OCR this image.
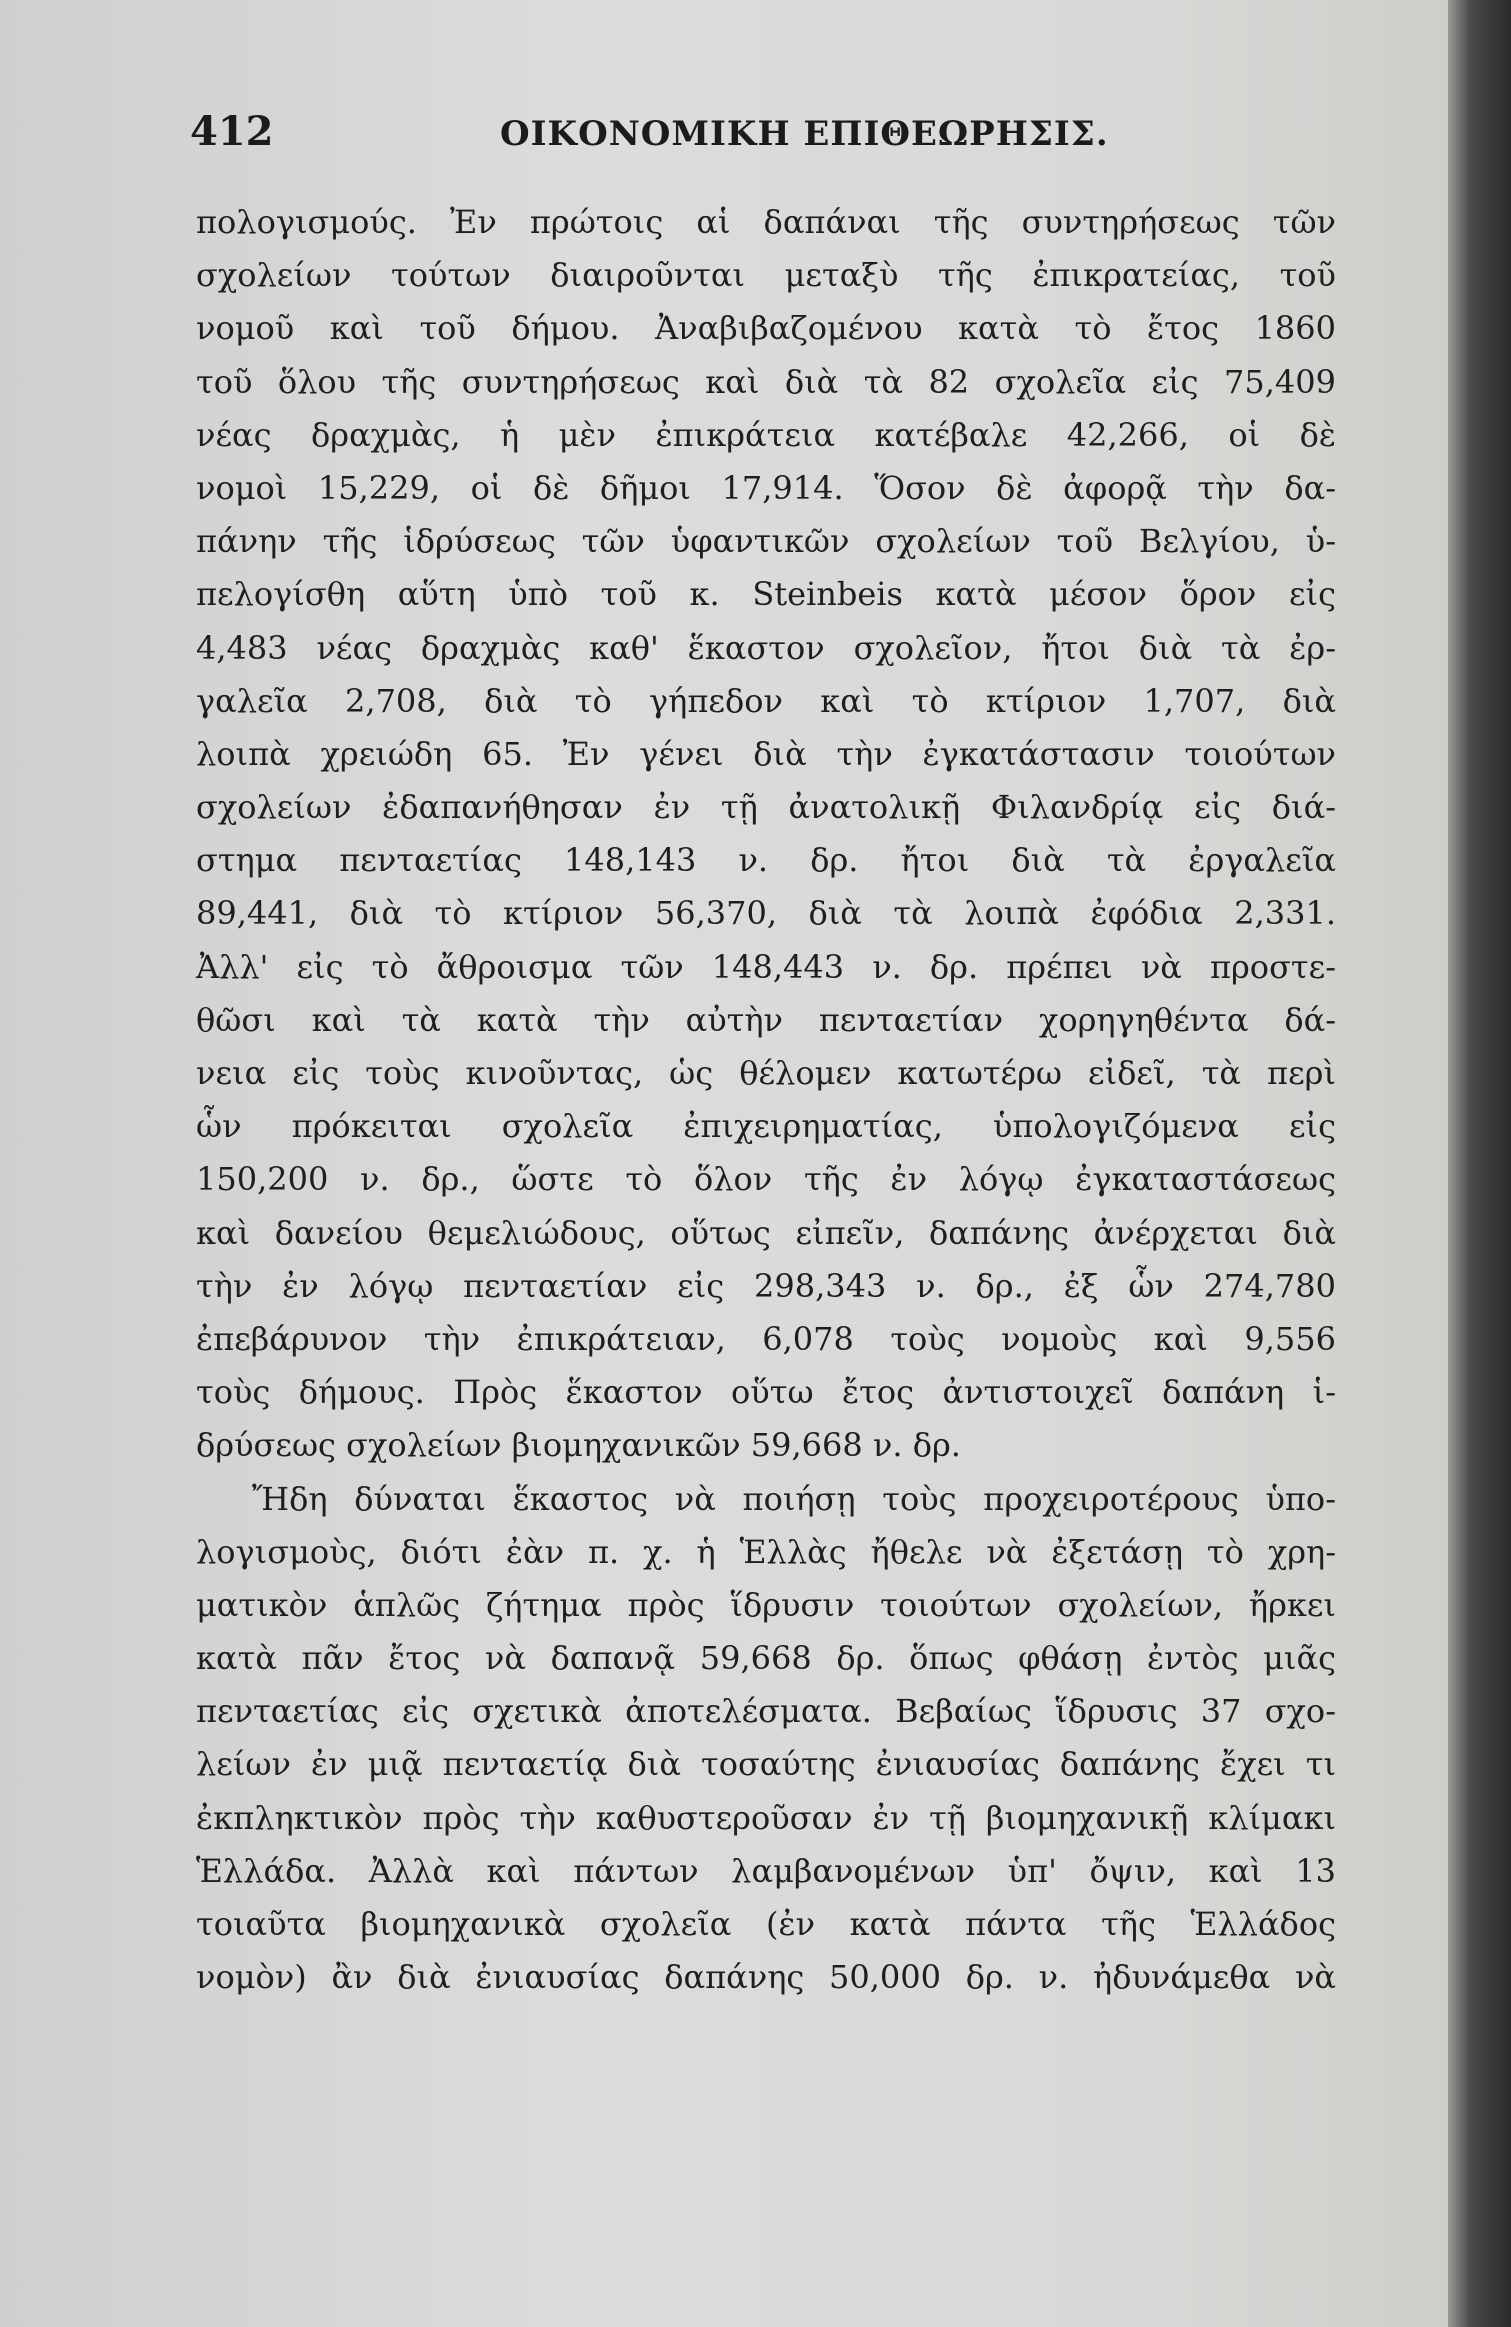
412	ΟΙΚΟΝΟΜΙΚΗ ΕΠΙΘΕΩΡΗΣΙΣ.
πολογισμούς. Ἐν πρώτοις αἱ δαπάναι τῆς συντηρήσεως τῶν
σχολείων τούτων διαιροῦνται μεταξὺ τῆς ἐπικρατείας, τοῦ
νομοῦ καὶ τοῦ δήμου. Ἀναβιβαζομένου κατὰ τὸ ἔτος 1860
τοῦ ὅλου τῆς συντηρήσεως καὶ διὰ τὰ 82 σχολεῖα εἰς 75,409
νέας δραχμὰς, ἡ μὲν ἐπικράτεια κατέβαλε 42,266, οἱ δὲ
νομοὶ 15,229, οἱ δὲ δῆμοι 17,914. Ὅσον δὲ ἀφορᾷ τὴν δα-
πάνην τῆς ἱδρύσεως τῶν ὑφαντικῶν σχολείων τοῦ Βελγίου, ὑ-
πελογίσθη αὕτη ὑπὸ τοῦ κ. Steinbeis κατὰ μέσον ὅρον εἰς
4,483 νέας δραχμὰς καθ' ἕκαστον σχολεῖον, ἤτοι διὰ τὰ ἐρ-
γαλεῖα 2,708, διὰ τὸ γήπεδον καὶ τὸ κτίριον 1,707, διὰ
λοιπὰ χρειώδη 65. Ἐν γένει διὰ τὴν ἐγκατάστασιν τοιούτων
σχολείων ἐδαπανήθησαν ἐν τῇ ἀνατολικῇ Φιλανδρίᾳ εἰς διά-
στημα πενταετίας 148,143 ν. δρ. ἤτοι διὰ τὰ ἐργαλεῖα
89,441, διὰ τὸ κτίριον 56,370, διὰ τὰ λοιπὰ ἐφόδια 2,331.
Ἀλλ' εἰς τὸ ἄθροισμα τῶν 148,443 ν. δρ. πρέπει νὰ προστε-
θῶσι καὶ τὰ κατὰ τὴν αὐτὴν πενταετίαν χορηγηθέντα δά-
νεια εἰς τοὺς κινοῦντας, ὡς θέλομεν κατωτέρω εἰδεῖ, τὰ περὶ
ὧν πρόκειται σχολεῖα ἐπιχειρηματίας, ὑπολογιζόμενα εἰς
150,200 ν. δρ., ὥστε τὸ ὅλον τῆς ἐν λόγῳ ἐγκαταστάσεως
καὶ δανείου θεμελιώδους, οὕτως εἰπεῖν, δαπάνης ἀνέρχεται διὰ
τὴν ἐν λόγῳ πενταετίαν εἰς 298,343 ν. δρ., ἐξ ὧν 274,780
ἐπεβάρυνον τὴν ἐπικράτειαν, 6,078 τοὺς νομοὺς καὶ 9,556
τοὺς δήμους. Πρὸς ἕκαστον οὕτω ἔτος ἀντιστοιχεῖ δαπάνη ἱ-
δρύσεως σχολείων βιομηχανικῶν 59,668 ν. δρ.
Ἤδη δύναται ἕκαστος νὰ ποιήσῃ τοὺς προχειροτέρους ὑπο-
λογισμοὺς, διότι ἐὰν π. χ. ἡ Ἑλλὰς ἤθελε νὰ ἐξετάσῃ τὸ χρη-
ματικὸν ἁπλῶς ζήτημα πρὸς ἵδρυσιν τοιούτων σχολείων, ἤρκει
κατὰ πᾶν ἔτος νὰ δαπανᾷ 59,668 δρ. ὅπως φθάσῃ ἐντὸς μιᾶς
πενταετίας εἰς σχετικὰ ἀποτελέσματα. Βεβαίως ἵδρυσις 37 σχο-
λείων ἐν μιᾷ πενταετίᾳ διὰ τοσαύτης ἐνιαυσίας δαπάνης ἔχει τι
ἐκπληκτικὸν πρὸς τὴν καθυστεροῦσαν ἐν τῇ βιομηχανικῇ κλίμακι
Ἑλλάδα. Ἀλλὰ καὶ πάντων λαμβανομένων ὑπ' ὄψιν, καὶ 13
τοιαῦτα βιομηχανικὰ σχολεῖα (ἐν κατὰ πάντα τῆς Ἑλλάδος
νομὸν) ἂν διὰ ἐνιαυσίας δαπάνης 50,000 δρ. ν. ἠδυνάμεθα νὰ
